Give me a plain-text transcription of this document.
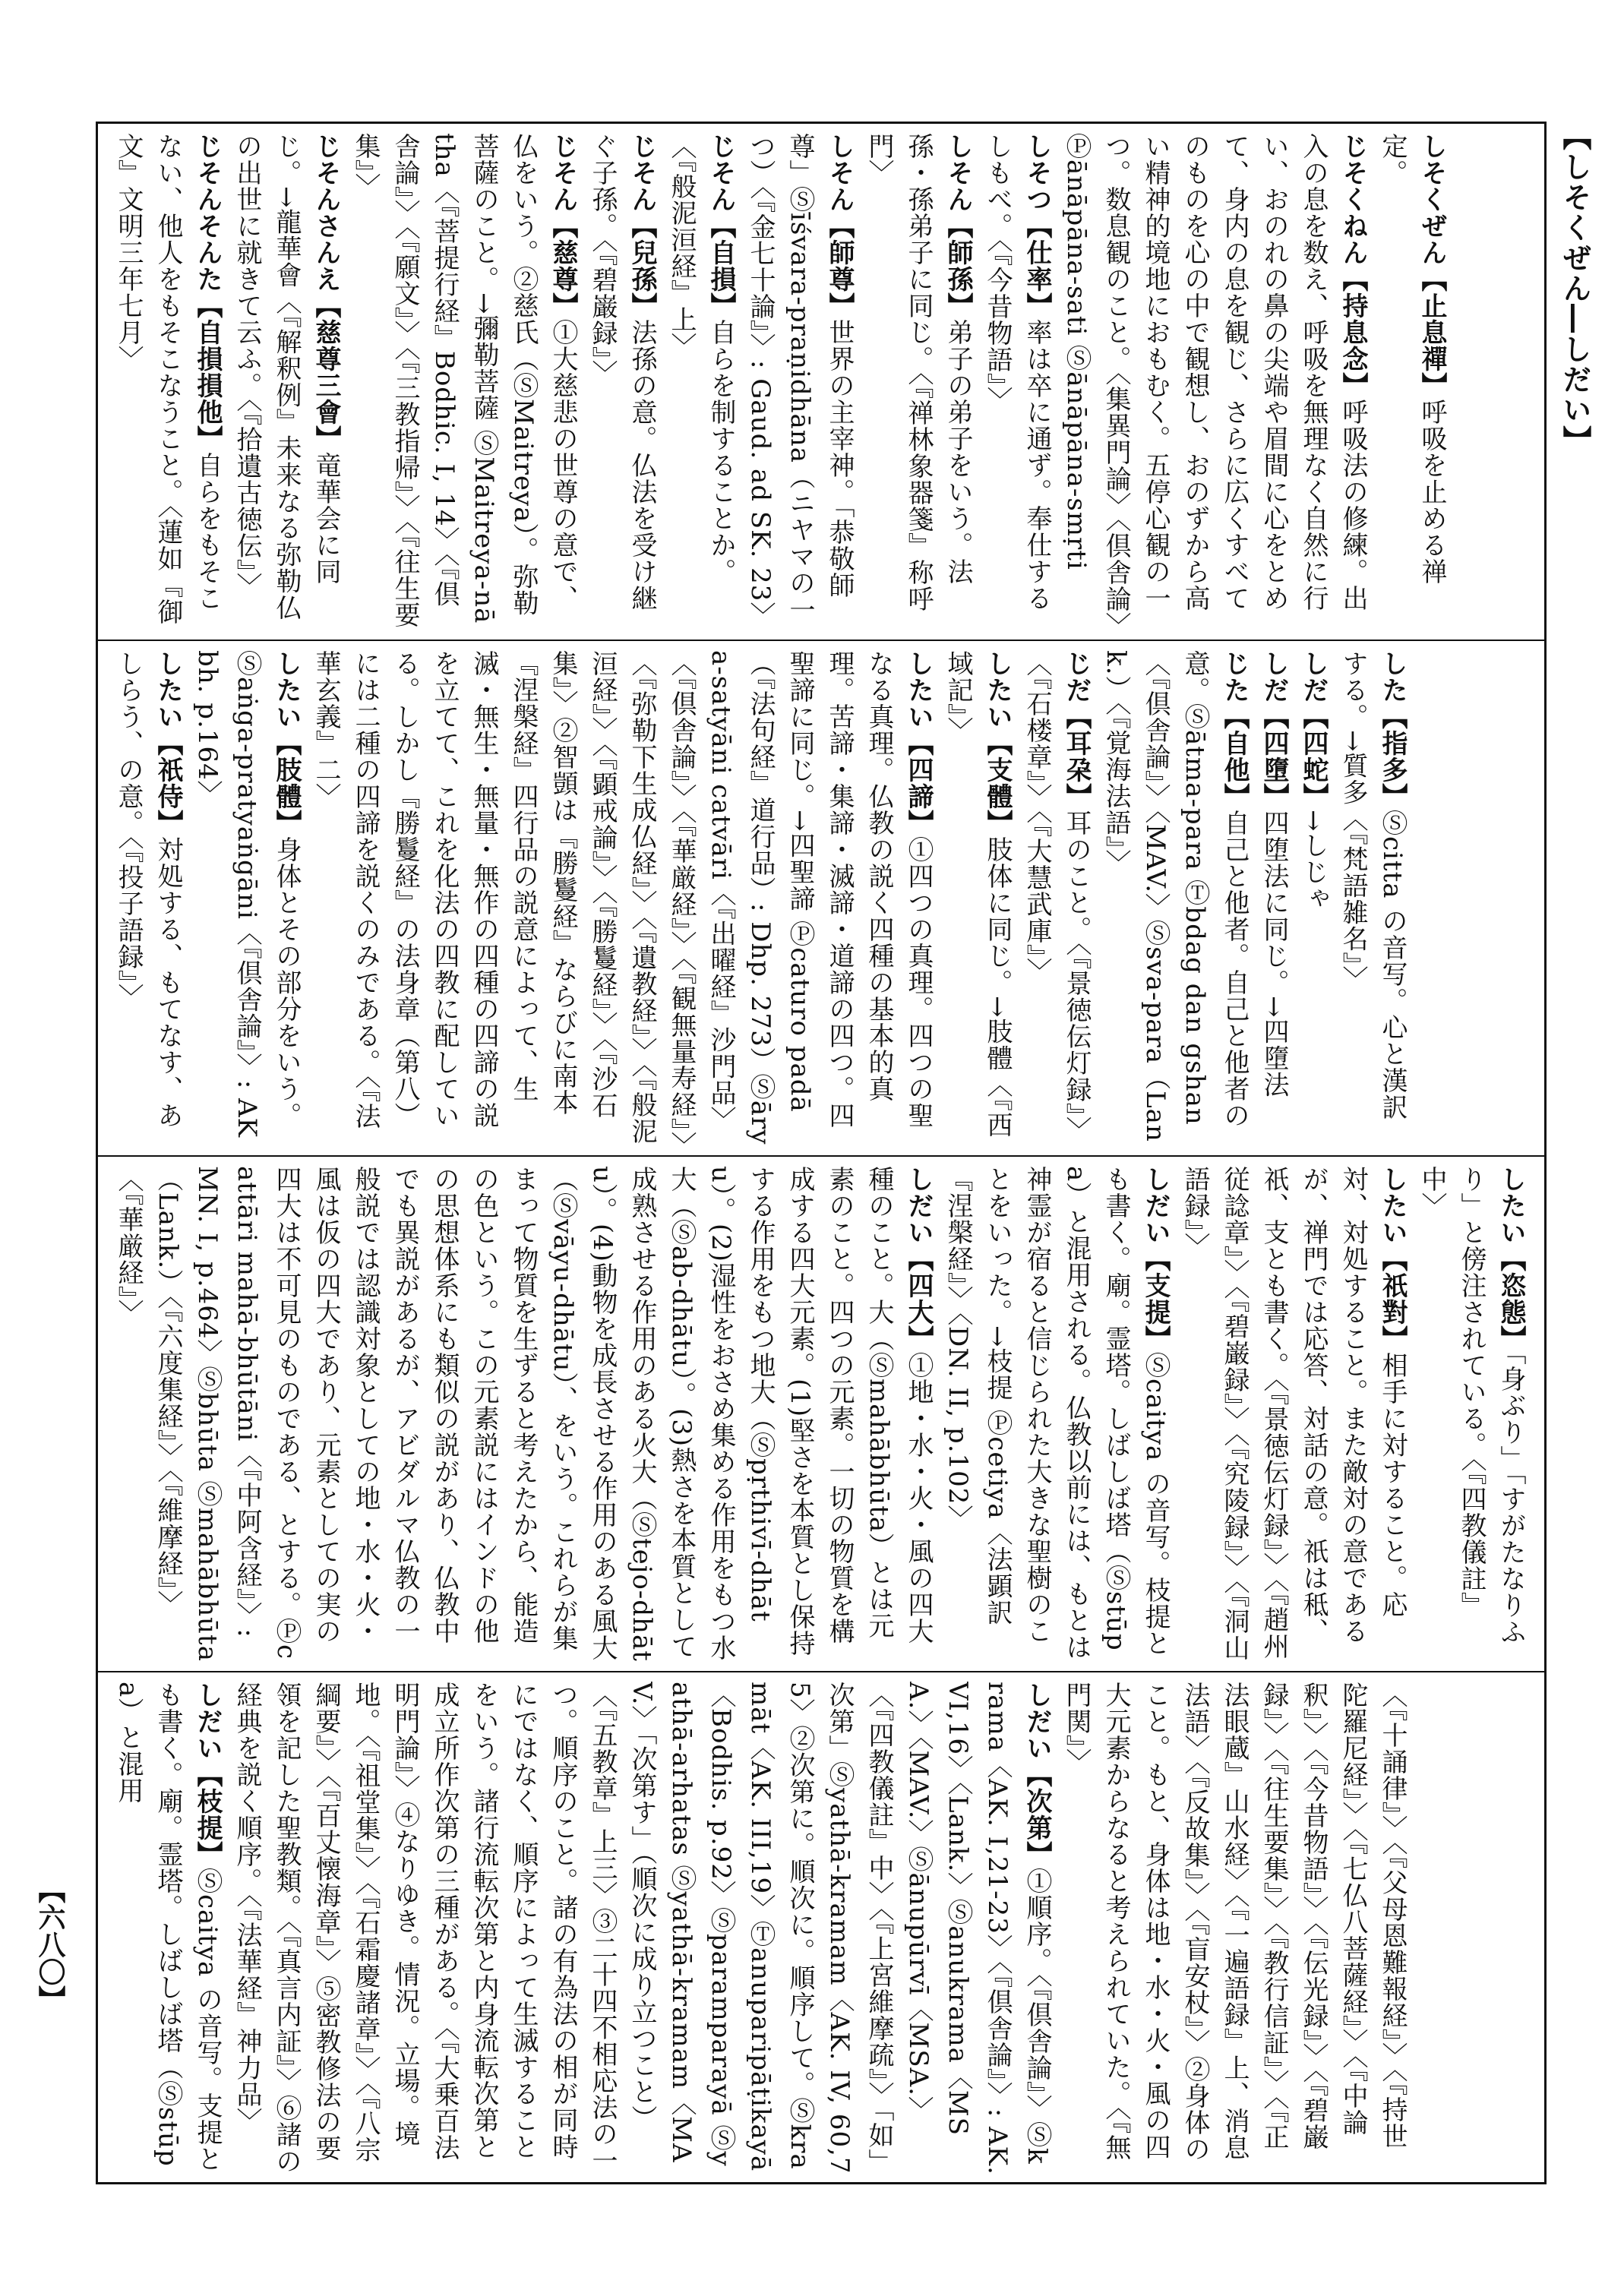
【しそくぜん―しだい】
【六八〇】
しそくぜん【止息禪】呼吸を止める禅定。
じそくねん【持息念】呼吸法の修練。出入の息を数え、呼吸を無理なく自然に行い、おのれの鼻の尖端や眉間に心をとめて、身内の息を観じ、さらに広くすべてのものを心の中で観想し、おのずから高い精神的境地におもむく。五停心観の一つ。数息観のこと。〈集異門論〉〈倶舎論〉Ⓟānāpāna-sati Ⓢānāpāna-smṛti
しそつ【仕率】率は卒に通ず。奉仕するしもべ。〈『今昔物語』〉
しそん【師孫】弟子の弟子をいう。法孫・孫弟子に同じ。〈『禅林象器箋』称呼門〉
しそん【師尊】世界の主宰神。「恭敬師尊」Ⓢīśvara-praṇidhāna（ニヤマの一つ）〈『金七十論』〉: Gaud. ad SK. 23〉
じそん【自損】自らを制することか。〈『般泥洹経』上〉
じそん【兒孫】法孫の意。仏法を受け継ぐ子孫。〈『碧巌録』〉
じそん【慈尊】①大慈悲の世尊の意で、仏をいう。②慈氏（ⓈMaitreya）。弥勒菩薩のこと。→彌勒菩薩 ⓈMaitreya-nātha〈『菩提行経』Bodhic. I, 14〉〈『倶舎論』〉〈『願文』〉〈『三教指帰』〉〈『往生要集』〉
じそんさんえ【慈尊三會】竜華会に同じ。→龍華會〈『解釈例』未来なる弥勒仏の出世に就きて云ふ。〈『拾遺古徳伝』〉
じそんそんた【自損損他】自らをもそこない、他人をもそこなうこと。〈蓮如『御文』文明三年七月〉
した【指多】Ⓢcitta の音写。心と漢訳する。→質多〈『梵語雑名』〉
しだ【四蛇】→しじゃ
しだ【四墮】四堕法に同じ。→四墮法
じた【自他】自己と他者。自己と他者の意。Ⓢātma-para Ⓣbdag dan gshan〈『倶舎論』〉〈MAV.〉Ⓢsva-para（Lank.）〈『覚海法語』〉
じだ【耳朶】耳のこと。〈『景徳伝灯録』〉〈『石楼章』〉〈『大慧武庫』〉
したい【支體】肢体に同じ。→肢體〈『西域記』〉
したい【四諦】①四つの真理。四つの聖なる真理。仏教の説く四種の基本的真理。苦諦・集諦・滅諦・道諦の四つ。四聖諦に同じ。→四聖諦 Ⓟcaturo padā（『法句経』道行品）: Dhp. 273）Ⓢārya-satyāni catvāri〈『出曜経』沙門品〉〈『倶舎論』〉〈『華厳経』〉〈『観無量寿経』〉〈『弥勒下生成仏経』〉〈『遺教経』〉〈『般泥洹経』〉〈『顕戒論』〉〈『勝鬘経』〉〈『沙石集』〉②智顗は『勝鬘経』ならびに南本『涅槃経』四行品の説意によって、生滅・無生・無量・無作の四種の四諦の説を立てて、これを化法の四教に配している。しかし『勝鬘経』の法身章（第八）には二種の四諦を説くのみである。〈『法華玄義』二〉
したい【肢體】身体とその部分をいう。Ⓢaṅga-pratyaṅgāni〈『倶舎論』〉: AKbh. p.164〉
したい【祇侍】対処する、もてなす、あしらう、の意。〈『投子語録』〉
したい【恣態】「身ぶり」「すがたなりふり」と傍注されている。〈『四教儀註』中〉
したい【祇對】相手に対すること。応対、対処すること。また敵対の意であるが、禅門では応答、対話の意。祇は秪、祇、支とも書く。〈『景徳伝灯録』〉〈『趙州従諗章』〉〈『碧巌録』〉〈『究陵録』〉〈『洞山語録』〉
しだい【支提】Ⓢcaitya の音写。枝提とも書く。廟。霊塔。しばしば塔（Ⓢstūpa）と混用される。仏教以前には、もとは神霊が宿ると信じられた大きな聖樹のことをいった。→枝提 Ⓟcetiya〈法顕訳『涅槃経』〉〈DN. II, p.102〉
しだい【四大】①地・水・火・風の四大種のこと。大（Ⓢmahābhūta）とは元素のこと。四つの元素。一切の物質を構成する四大元素。(1)堅さを本質とし保持する作用をもつ地大（Ⓢpṛthivī-dhātu）。(2)湿性をおさめ集める作用をもつ水大（Ⓢab-dhātu）。(3)熱さを本質として成熟させる作用のある火大（Ⓢtejo-dhātu）。(4)動物を成長させる作用のある風大（Ⓢvāyu-dhātu）、をいう。これらが集まって物質を生ずると考えたから、能造の色という。この元素説にはインドの他の思想体系にも類似の説があり、仏教中でも異説があるが、アビダルマ仏教の一般説では認識対象としての地・水・火・風は仮の四大であり、元素としての実の四大は不可見のものである、とする。Ⓟcattāri mahā-bhūtāni〈『中阿含経』〉: MN. I, p.464〉Ⓢbhūta Ⓢmahābhūta（Lank.）〈『六度集経』〉〈『維摩経』〉〈『華厳経』〉
〈『十誦律』〉〈『父母恩難報経』〉〈『持世陀羅尼経』〉〈『七仏八菩薩経』〉〈『中論釈』〉〈『今昔物語』〉〈『伝光録』〉〈『碧巌録』〉〈『往生要集』〉〈『教行信証』〉〈『正法眼蔵』山水経〉〈『一遍語録』上、消息法語〉〈『反故集』〉〈『盲安杖』〉②身体のこと。もと、身体は地・水・火・風の四大元素からなると考えられていた。〈『無門関』〉
しだい【次第】①順序。〈『倶舎論』〉Ⓢkrama〈AK. I,21-23〉〈『倶舎論』〉: AK. VI,16〉〈Lank.〉Ⓢanukrama〈MSA.〉〈MAV.〉Ⓢānupūrvī〈MSA.〉〈『四教儀註』中〉〈『上宮維摩疏』〉「如」次第」Ⓢyathā-kramam〈AK. IV, 60,75〉②次第に。順次に。順序して。Ⓢkramāt〈AK. III,19〉Ⓣanuparipāṭikayā〈Bodhis. p.92〉Ⓢparamparayā Ⓢyathā-arhatas Ⓢyathā-kramam〈MAV.〉「次第す」（順次に成り立つこと）〈『五教章』上三〉③二十四不相応法の一つ。順序のこと。諸の有為法の相が同時にではなく、順序によって生滅することをいう。諸行流転次第と内身流転次第と成立所作次第の三種がある。〈『大乗百法明門論』〉④なりゆき。情況。立場。境地。〈『祖堂集』〉〈『石霜慶諸章』〉〈『八宗綱要』〉〈『百丈懐海章』〉⑤密教修法の要領を記した聖教類。〈『真言内証』〉⑥諸の経典を説く順序。〈『法華経』神力品〉
しだい【枝提】Ⓢcaitya の音写。支提とも書く。廟。霊塔。しばしば塔（Ⓢstūpa）と混用
